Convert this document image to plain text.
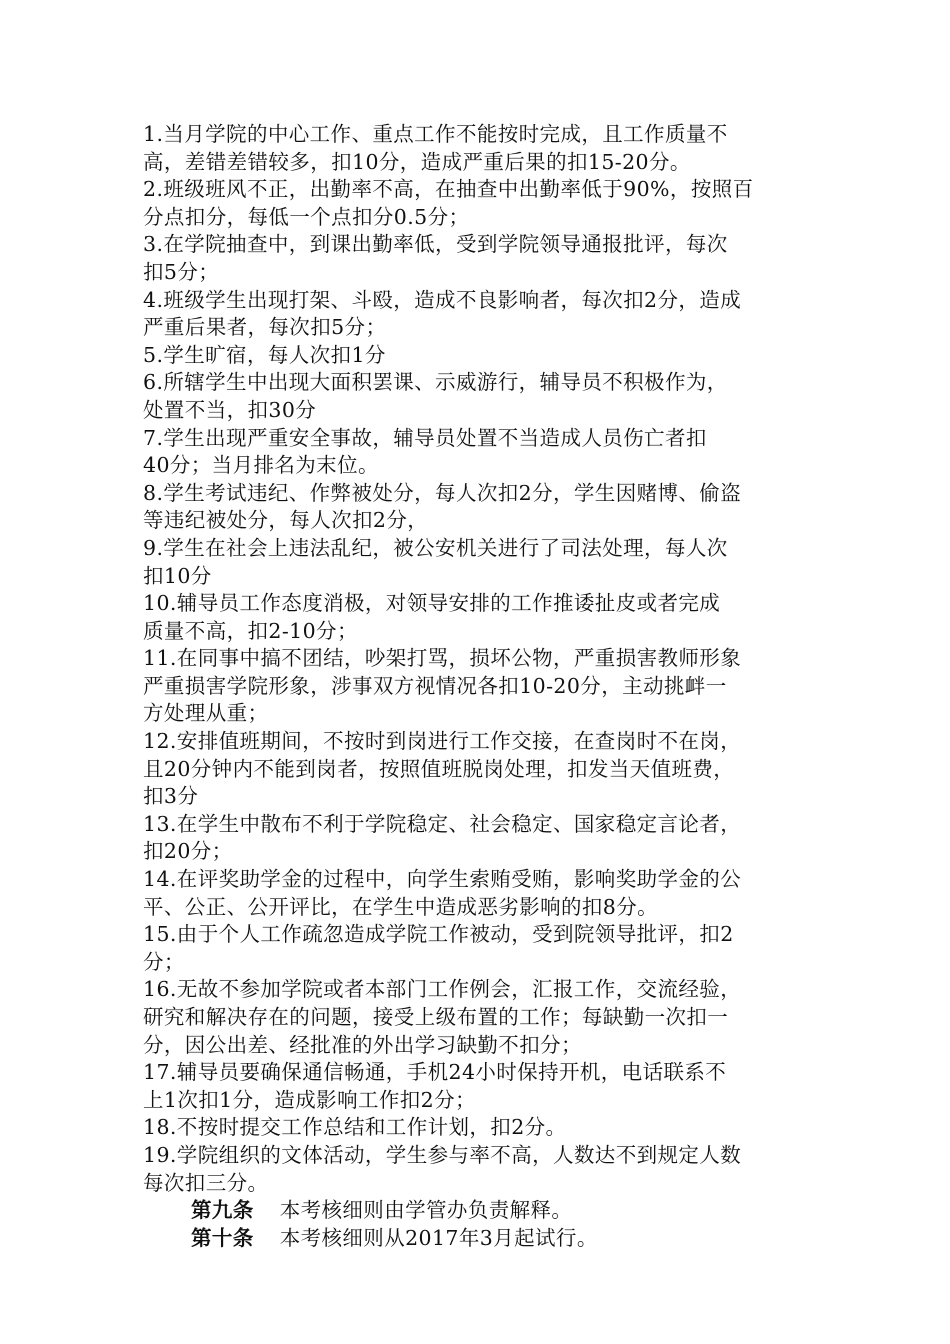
1.当月学院的中心工作、重点工作不能按时完成，且工作质量不
高，差错差错较多，扣10分，造成严重后果的扣15-20分。
2.班级班风不正，出勤率不高，在抽查中出勤率低于90%，按照百
分点扣分，每低一个点扣分0.5分；
3.在学院抽查中，到课出勤率低，受到学院领导通报批评，每次
扣5分；
4.班级学生出现打架、斗殴，造成不良影响者，每次扣2分，造成
严重后果者，每次扣5分；
5.学生旷宿，每人次扣1分
6.所辖学生中出现大面积罢课、示威游行，辅导员不积极作为，
处置不当，扣30分
7.学生出现严重安全事故，辅导员处置不当造成人员伤亡者扣
40分；当月排名为末位。
8.学生考试违纪、作弊被处分，每人次扣2分，学生因赌博、偷盗
等违纪被处分，每人次扣2分，
9.学生在社会上违法乱纪，被公安机关进行了司法处理，每人次
扣10分
10.辅导员工作态度消极，对领导安排的工作推诿扯皮或者完成
质量不高，扣2-10分；
11.在同事中搞不团结，吵架打骂，损坏公物，严重损害教师形象
严重损害学院形象，涉事双方视情况各扣10-20分，主动挑衅一
方处理从重；
12.安排值班期间，不按时到岗进行工作交接，在查岗时不在岗，
且20分钟内不能到岗者，按照值班脱岗处理，扣发当天值班费，
扣3分
13.在学生中散布不利于学院稳定、社会稳定、国家稳定言论者，
扣20分；
14.在评奖助学金的过程中，向学生索贿受贿，影响奖助学金的公
平、公正、公开评比，在学生中造成恶劣影响的扣8分。
15.由于个人工作疏忽造成学院工作被动，受到院领导批评，扣2
分；
16.无故不参加学院或者本部门工作例会，汇报工作，交流经验，
研究和解决存在的问题，接受上级布置的工作；每缺勤一次扣一
分，因公出差、经批准的外出学习缺勤不扣分；
17.辅导员要确保通信畅通，手机24小时保持开机，电话联系不
上1次扣1分，造成影响工作扣2分；
18.不按时提交工作总结和工作计划，扣2分。
19.学院组织的文体活动，学生参与率不高，人数达不到规定人数
每次扣三分。
第九条 本考核细则由学管办负责解释。
第十条 本考核细则从2017年3月起试行。
